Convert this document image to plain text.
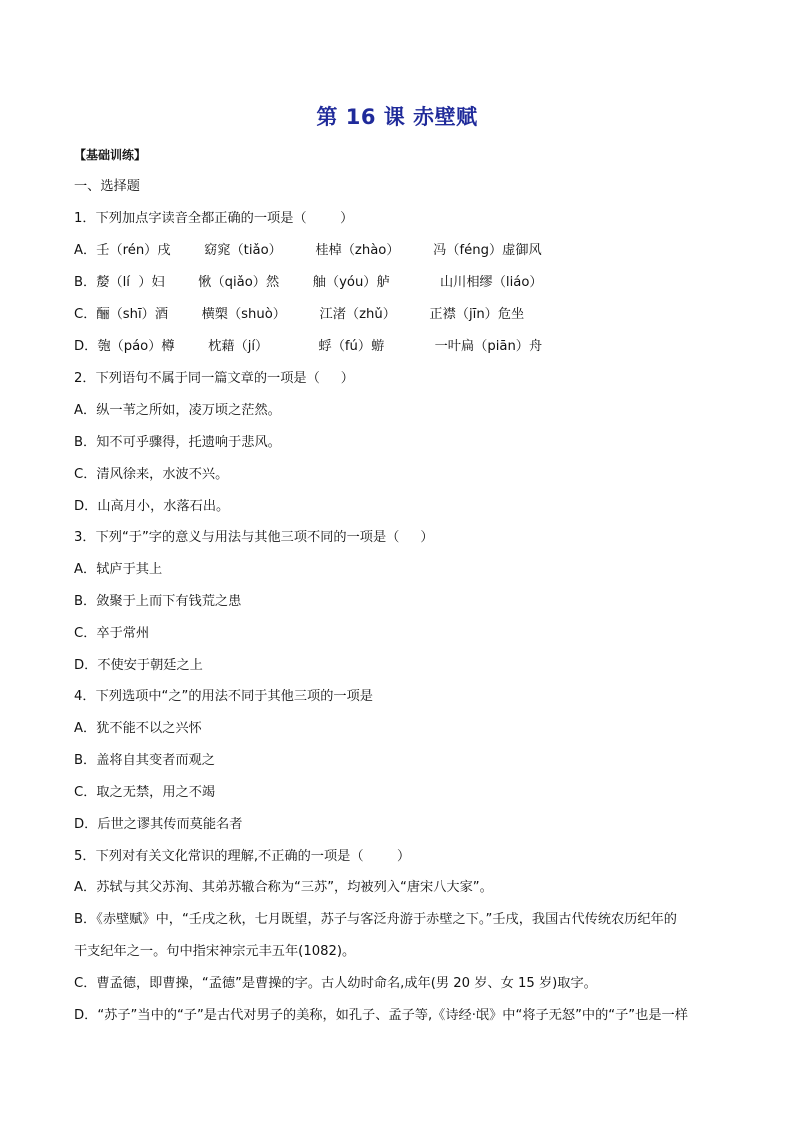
第 16 课 赤壁赋
【基础训练】
一、选择题
1．下列加点字读音全都正确的一项是（        ）
A．壬（rén）戌        窈窕（tiǎo）        桂棹（zhào）        冯（féng）虚御风
B．嫠（lí  ）妇        愀（qiǎo）然        舳（yóu）舻            山川相缪（liáo）
C．酾（shī）酒        横槊（shuò）        江渚（zhǔ）        正襟（jīn）危坐
D．匏（páo）樽        枕藉（jí）            蜉（fú）蝣            一叶扁（piān）舟
2．下列语句不属于同一篇文章的一项是（     ）
A．纵一苇之所如，凌万顷之茫然。
B．知不可乎骤得，托遗响于悲风。
C．清风徐来，水波不兴。
D．山高月小，水落石出。
3．下列“于”字的意义与用法与其他三项不同的一项是（     ）
A．轼庐于其上
B．敛聚于上而下有钱荒之患
C．卒于常州
D．不使安于朝廷之上
4．下列选项中“之”的用法不同于其他三项的一项是
A．犹不能不以之兴怀
B．盖将自其变者而观之
C．取之无禁，用之不竭
D．后世之谬其传而莫能名者
5．下列对有关文化常识的理解,不正确的一项是（        ）
A．苏轼与其父苏洵、其弟苏辙合称为“三苏”，均被列入“唐宋八大家”。
B．《赤壁赋》中，“壬戌之秋，七月既望，苏子与客泛舟游于赤壁之下。”壬戌，我国古代传统农历纪年的
干支纪年之一。句中指宋神宗元丰五年(1082)。
C．曹孟德，即曹操，“孟德”是曹操的字。古人幼时命名,成年(男 20 岁、女 15 岁)取字。
D．“苏子”当中的“子”是古代对男子的美称，如孔子、孟子等,《诗经·氓》中“将子无怒”中的“子”也是一样
